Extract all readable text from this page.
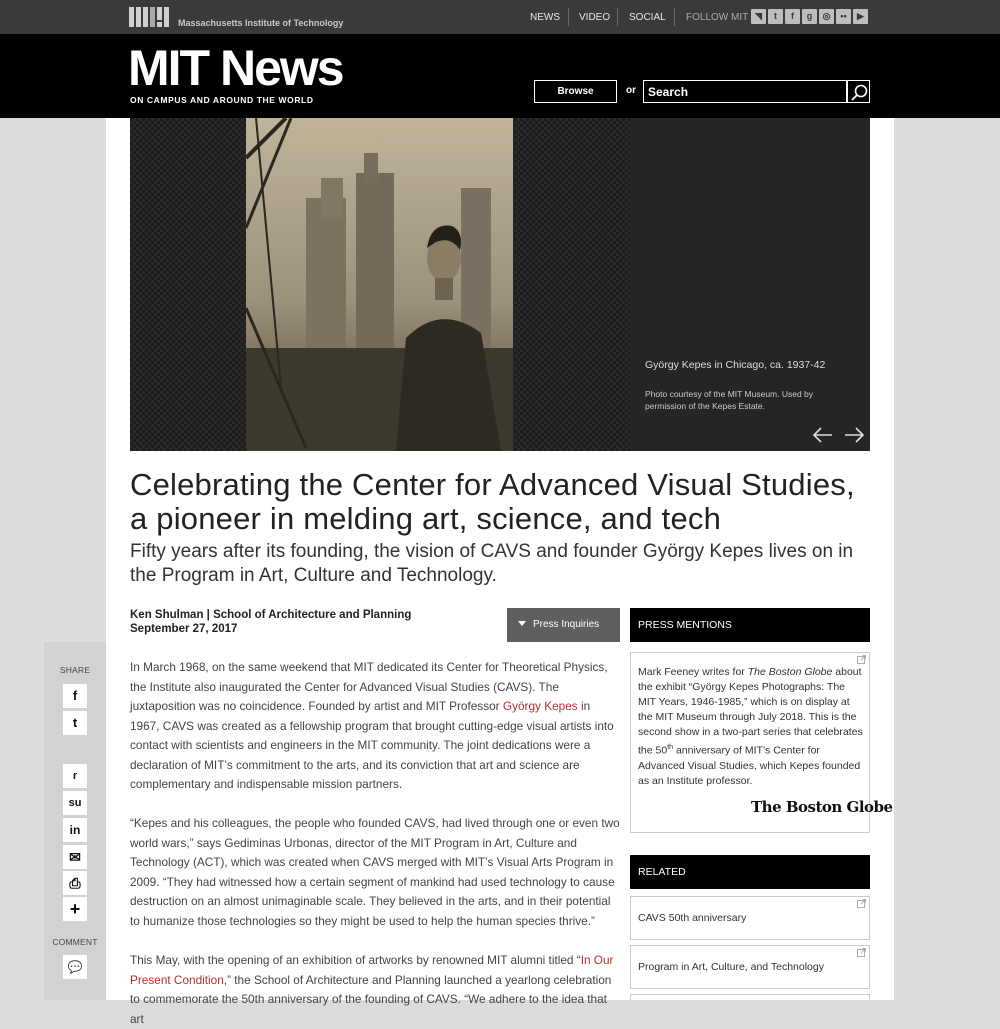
Massachusetts Institute of Technology	NEWS VIDEO SOCIAL FOLLOW MIT ◥	t	f	g	◎	••	▶
MIT News
ON CAMPUS AND AROUND THE WORLD
Browse	or
Search
György Kepes in Chicago, ca. 1937-42
Photo courtesy of the MIT Museum. Used by permission of the Kepes Estate.
Celebrating the Center for Advanced Visual Studies, a pioneer in melding art, science, and tech
Fifty years after its founding, the vision of CAVS and founder György Kepes lives on in the Program in Art, Culture and Technology.
Ken Shulman | School of Architecture and Planning
September 27, 2017	Press Inquiries

In March 1968, on the same weekend that MIT dedicated its Center for Theoretical Physics, the Institute also inaugurated the Center for Advanced Visual Studies (CAVS). The juxtaposition was no coincidence. Founded by artist and MIT Professor György Kepes in 1967, CAVS was created as a fellowship program that brought cutting-edge visual artists into contact with scientists and engineers in the MIT community. The joint dedications were a declaration of MIT’s commitment to the arts, and its conviction that art and science are complementary and indispensable mission partners.

“Kepes and his colleagues, the people who founded CAVS, had lived through one or even two world wars,” says Gediminas Urbonas, director of the MIT Program in Art, Culture and Technology (ACT), which was created when CAVS merged with MIT’s Visual Arts Program in 2009. “They had witnessed how a certain segment of mankind had used technology to cause destruction on an almost unimaginable scale. They believed in the arts, and in their potential to humanize those technologies so they might be used to help the human species thrive.”

This May, with the opening of an exhibition of artworks by renowned MIT alumni titled “In Our Present Condition,” the School of Architecture and Planning launched a yearlong celebration to commemorate the 50th anniversary of the founding of CAVS. “We adhere to the idea that art

SHARE
f
t
r
su
in
✉
⎙
+
COMMENT
💬
PRESS MENTIONS
Mark Feeney writes for The Boston Globe about the exhibit “György Kepes Photographs: The MIT Years, 1946-1985,” which is on display at the MIT Museum through July 2018. This is the second show in a two-part series that celebrates the 50th anniversary of MIT’s Center for Advanced Visual Studies, which Kepes founded as an Institute professor.
The Boston Globe
RELATED
CAVS 50th anniversary
Program in Art, Culture, and Technology
